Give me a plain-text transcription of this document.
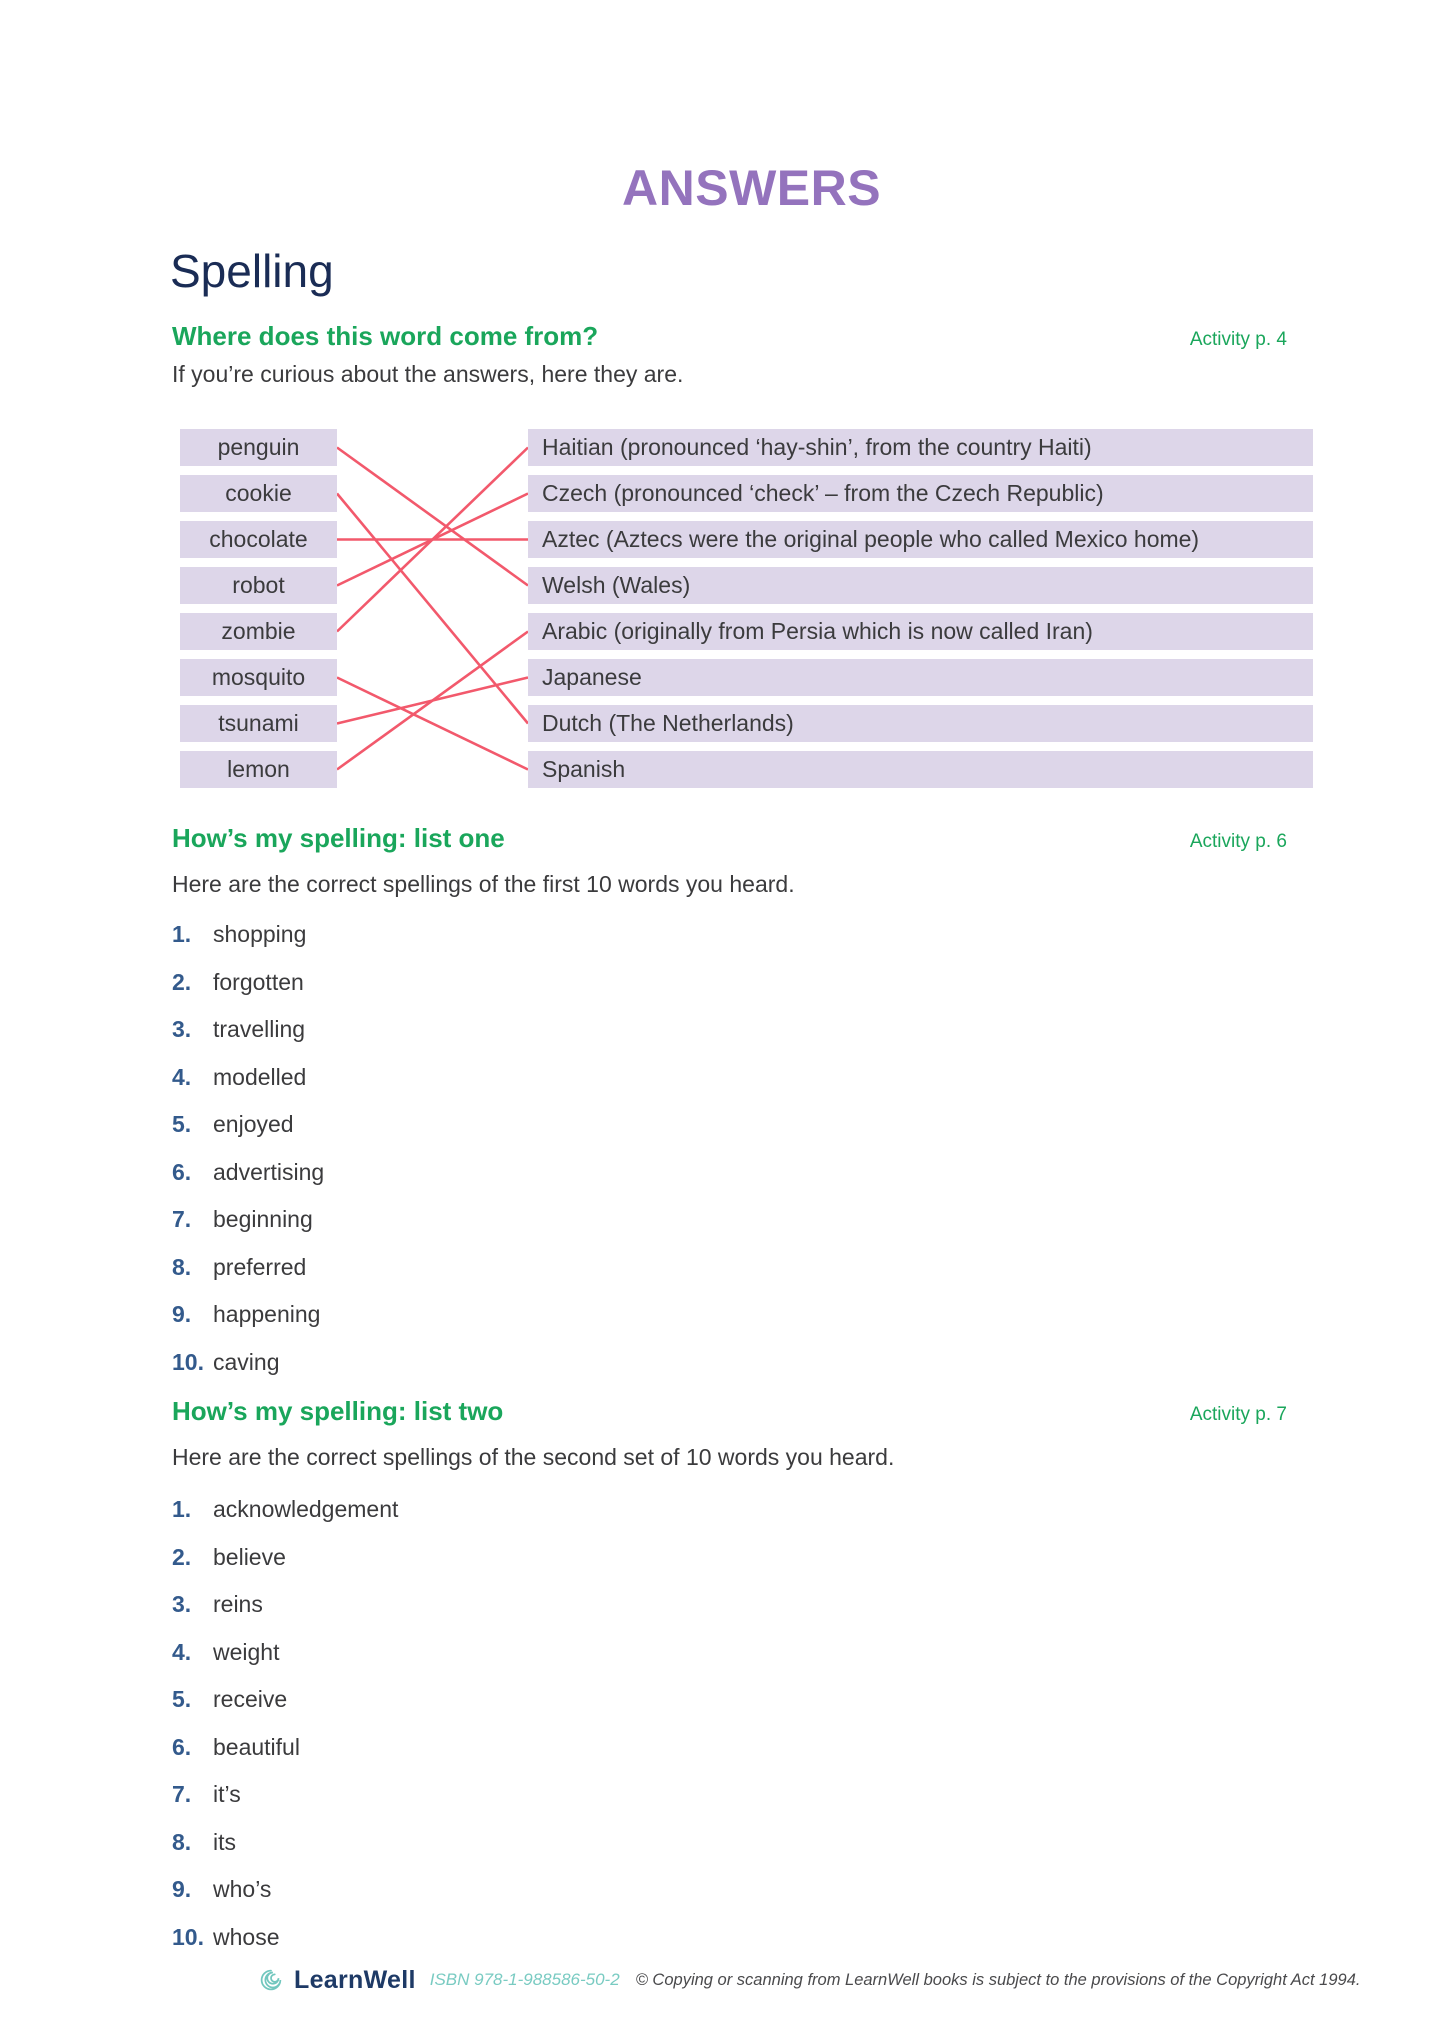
ANSWERS
Spelling
Where does this word come from?	Activity p. 4

If you’re curious about the answers, here they are.

penguin
cookie
chocolate
robot
zombie
mosquito
tsunami
lemon
Haitian (pronounced ‘hay-shin’, from the country Haiti)
Czech (pronounced ‘check’ – from the Czech Republic)
Aztec (Aztecs were the original people who called Mexico home)
Welsh (Wales)
Arabic (originally from Persia which is now called Iran)
Japanese
Dutch (The Netherlands)
Spanish
How’s my spelling: list one	Activity p. 6

Here are the correct spellings of the first 10 words you heard.

1. shopping
2. forgotten
3. travelling
4. modelled
5. enjoyed
6. advertising
7. beginning
8. preferred
9. happening
10. caving
How’s my spelling: list two	Activity p. 7

Here are the correct spellings of the second set of 10 words you heard.

1. acknowledgement
2. believe
3. reins
4. weight
5. receive
6. beautiful
7. it’s
8. its
9. who’s
10. whose
LearnWell ISBN 978-1-988586-50-2 © Copying or scanning from LearnWell books is subject to the provisions of the Copyright Act 1994.
